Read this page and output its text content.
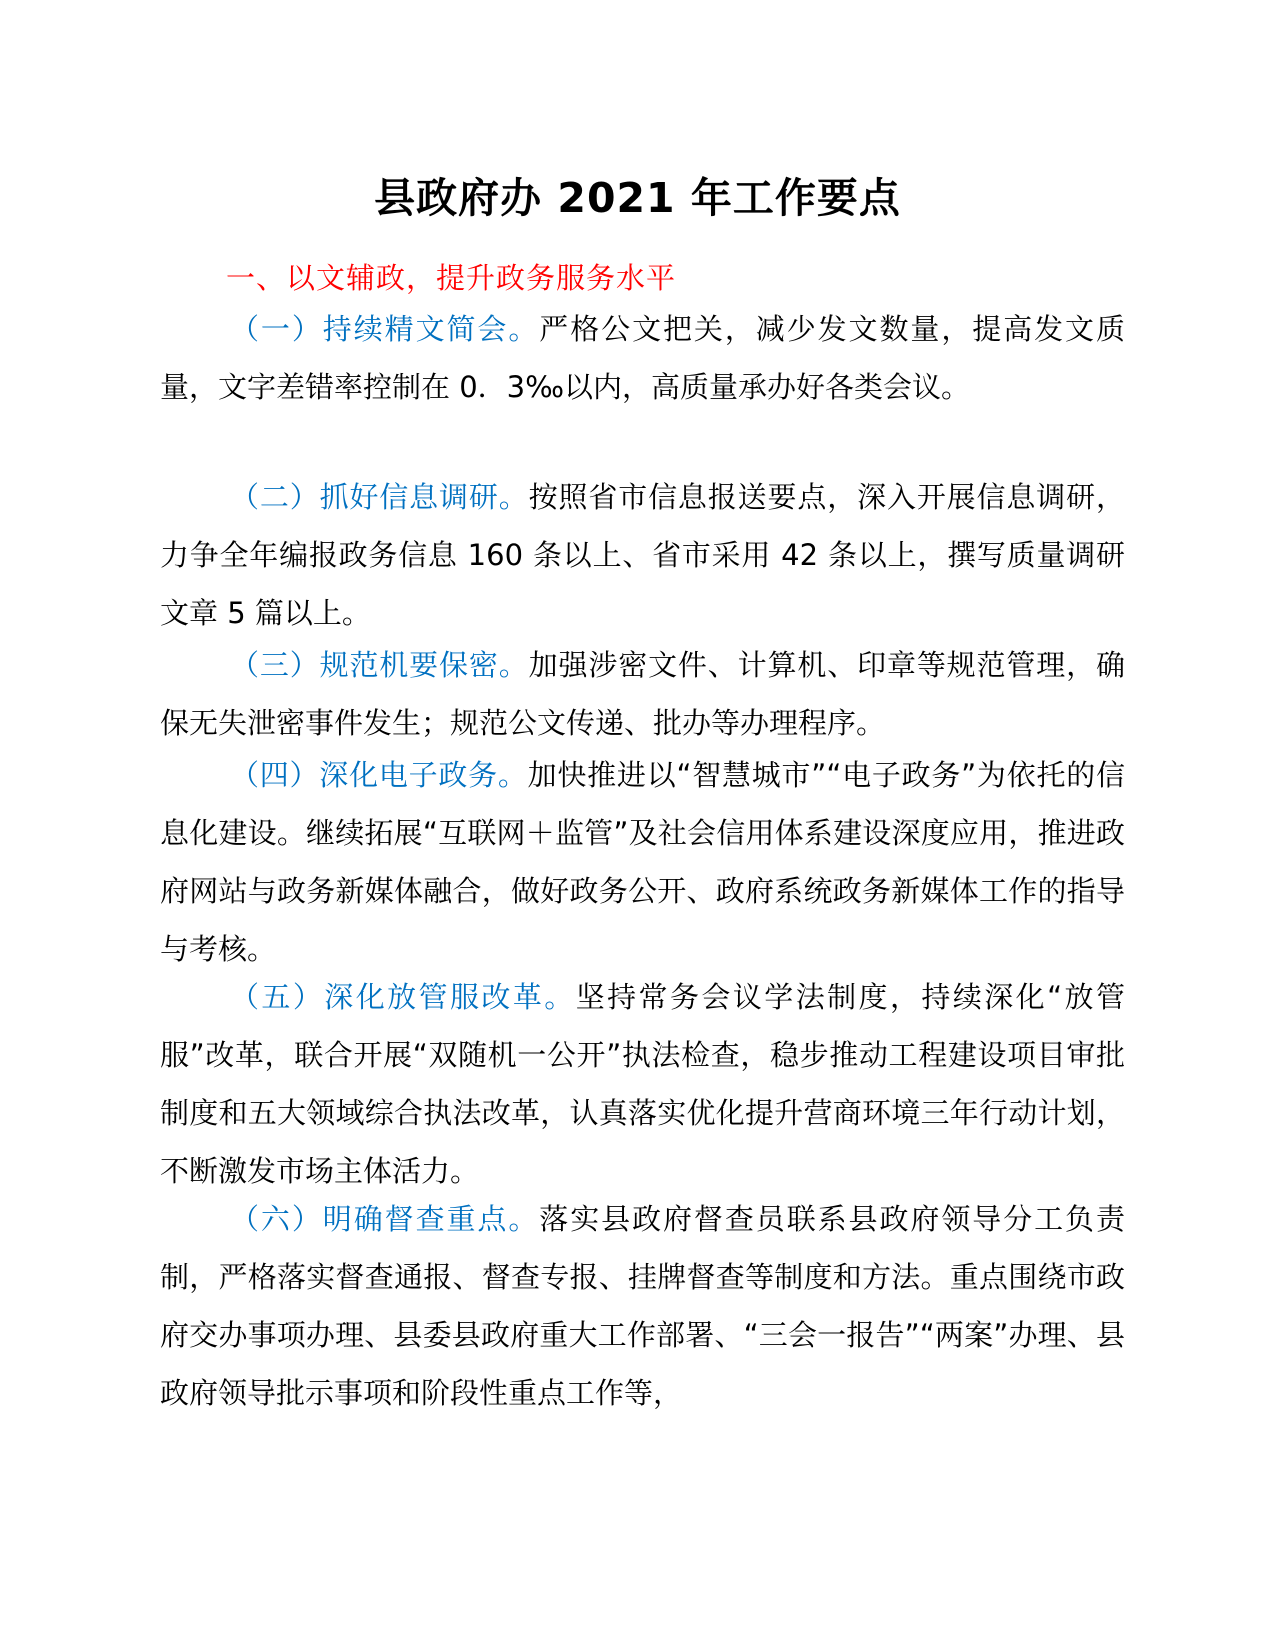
县政府办 2021 年工作要点
一、以文辅政，提升政务服务水平

（一）持续精文简会。严格公文把关，减少发文数量，提高发文质量，文字差错率控制在 0．3‰以内，高质量承办好各类会议。

（二）抓好信息调研。按照省市信息报送要点，深入开展信息调研，力争全年编报政务信息 160 条以上、省市采用 42 条以上，撰写质量调研文章 5 篇以上。

（三）规范机要保密。加强涉密文件、计算机、印章等规范管理，确保无失泄密事件发生；规范公文传递、批办等办理程序。

（四）深化电子政务。加快推进以“智慧城市”“电子政务”为依托的信息化建设。继续拓展“互联网＋监管”及社会信用体系建设深度应用，推进政府网站与政务新媒体融合，做好政务公开、政府系统政务新媒体工作的指导与考核。

（五）深化放管服改革。坚持常务会议学法制度，持续深化“放管服”改革，联合开展“双随机一公开”执法检查，稳步推动工程建设项目审批制度和五大领域综合执法改革，认真落实优化提升营商环境三年行动计划，不断激发市场主体活力。

（六）明确督查重点。落实县政府督查员联系县政府领导分工负责制，严格落实督查通报、督查专报、挂牌督查等制度和方法。重点围绕市政府交办事项办理、县委县政府重大工作部署、“三会一报告”“两案”办理、县政府领导批示事项和阶段性重点工作等，
